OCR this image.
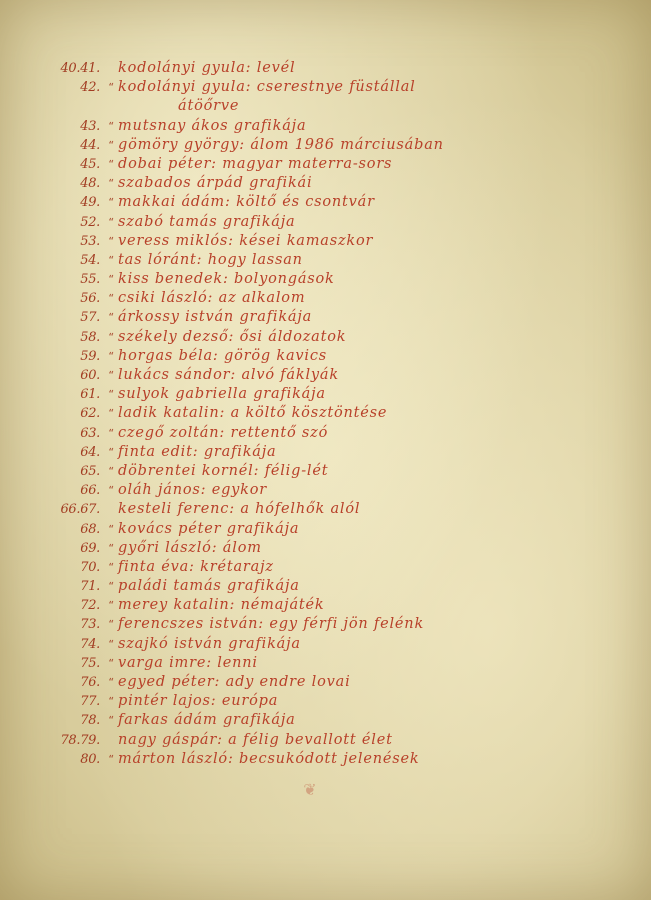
40.41. kodolányi gyula: levél
42. “ kodolányi gyula: cserestnye füstállal
átöőrve
43. “ mutsnay ákos grafikája
44. “ gömöry györgy: álom 1986 márciusában
45. “ dobai péter: magyar materra-sors
48. “ szabados árpád grafikái
49. “ makkai ádám: költő és csontvár
52. “ szabó tamás grafikája
53. “ veress miklós: kései kamaszkor
54. “ tas lóránt: hogy lassan
55. “ kiss benedek: bolyongások
56. “ csiki lászló: az alkalom
57. “ árkossy istván grafikája
58. “ székely dezső: ősi áldozatok
59. “ horgas béla: görög kavics
60. “ lukács sándor: alvó fáklyák
61. “ sulyok gabriella grafikája
62. “ ladik katalin: a költő kösztöntése
63. “ czegő zoltán: rettentő szó
64. “ finta edit: grafikája
65. “ döbrentei kornél: félig-lét
66. “ oláh jános: egykor
66.67. kesteli ferenc: a hófelhők alól
68. “ kovács péter grafikája
69. “ győri lászló: álom
70. “ finta éva: krétarajz
71. “ paládi tamás grafikája
72. “ merey katalin: némajáték
73. “ ferencszes istván: egy férfi jön felénk
74. “ szajkó istván grafikája
75. “ varga imre: lenni
76. “ egyed péter: ady endre lovai
77. “ pintér lajos: európa
78. “ farkas ádám grafikája
78.79. nagy gáspár: a félig bevallott élet
80. “ márton lászló: becsukódott jelenések
❦
